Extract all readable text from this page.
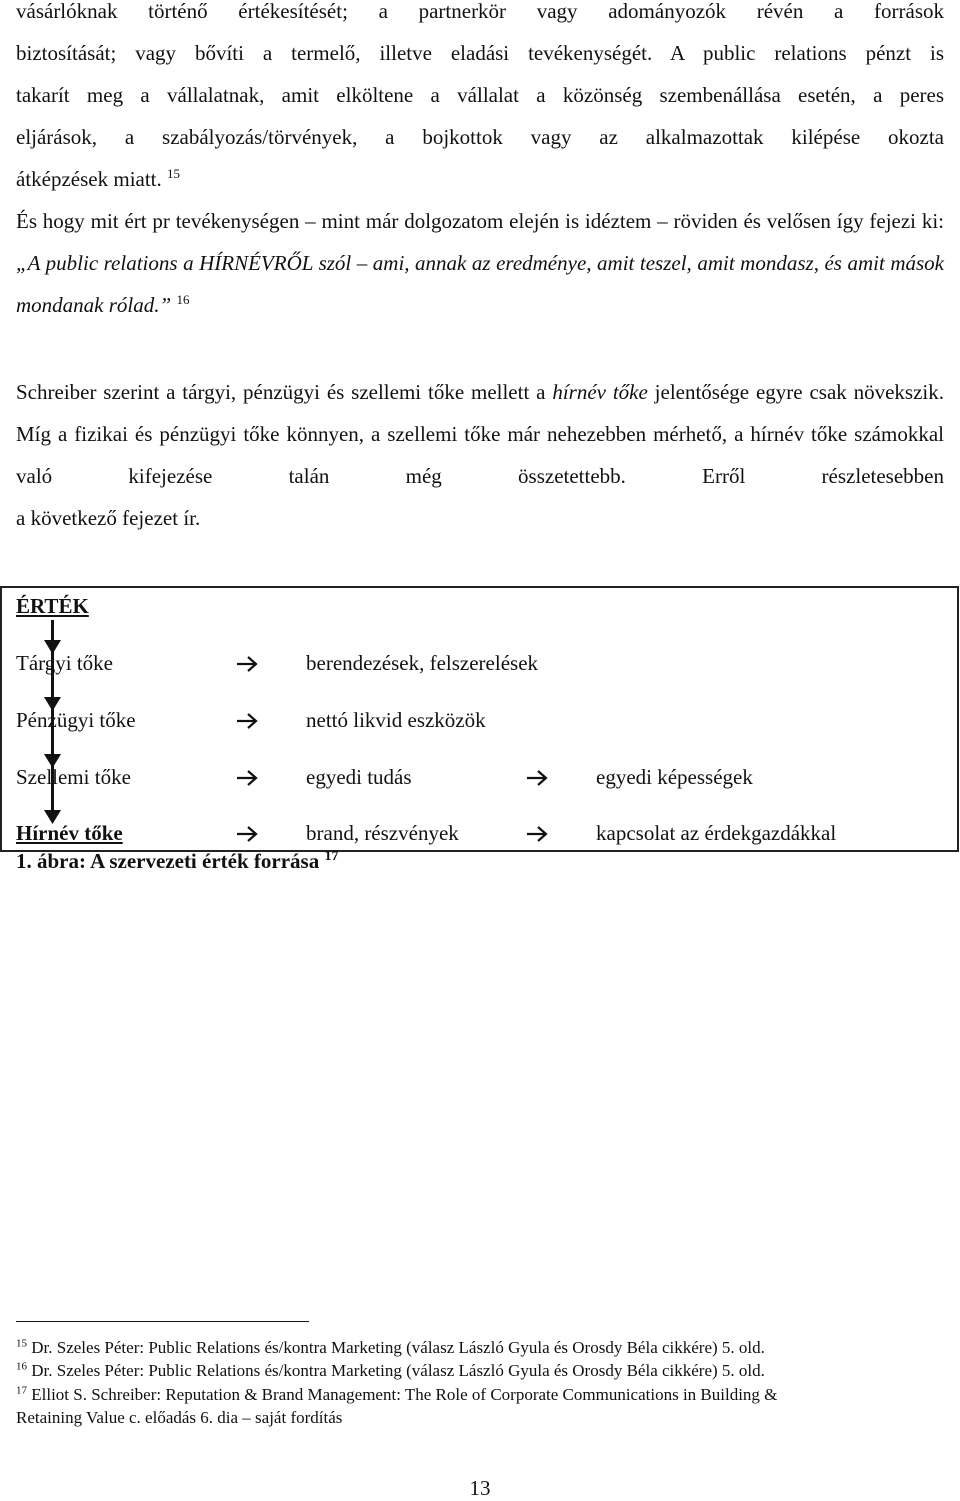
vásárlóknak történő értékesítését; a partnerkör vagy adományozók révén a források

biztosítását; vagy bővíti a termelő, illetve eladási tevékenységét. A public relations pénzt is

takarít meg a vállalatnak, amit elköltene a vállalat a közönség szembenállása esetén, a peres

eljárások, a szabályozás/törvények, a bojkottok vagy az alkalmazottak kilépése okozta

átképzések miatt. $^{15}$

És hogy mit ért pr tevékenységen – mint már dolgozatom elején is idéztem – röviden és velősen így fejezi ki: „A public relations a HÍRNÉVRŐL szól – ami, annak az eredménye, amit teszel, amit mondasz, és amit mások mondanak rólad.” $^{16}$

Schreiber szerint a tárgyi, pénzügyi és szellemi tőke mellett a hírnév tőke jelentősége egyre csak növekszik. Míg a fizikai és pénzügyi tőke könnyen, a szellemi tőke már nehezebben mérhető, a hírnév tőke számokkal való kifejezése talán még összetettebb. Erről részletesebben

a következő fejezet ír.

ÉRTÉK
Tárgyi tőke	berendezések, felszerelések
Pénzügyi tőke	nettó likvid eszközök
Szellemi tőke	egyedi tudás	egyedi képességek
Hírnév tőke	brand, részvények	kapcsolat az érdekgazdákkal
1. ábra: A szervezeti érték forrása $^{17}$
$^{15}$ Dr. Szeles Péter: Public Relations és/kontra Marketing (válasz László Gyula és Orosdy Béla cikkére) 5. old.
$^{16}$ Dr. Szeles Péter: Public Relations és/kontra Marketing (válasz László Gyula és Orosdy Béla cikkére) 5. old.
$^{17}$ Elliot S. Schreiber: Reputation & Brand Management: The Role of Corporate Communications in Building &
Retaining Value c. előadás 6. dia – saját fordítás
13
